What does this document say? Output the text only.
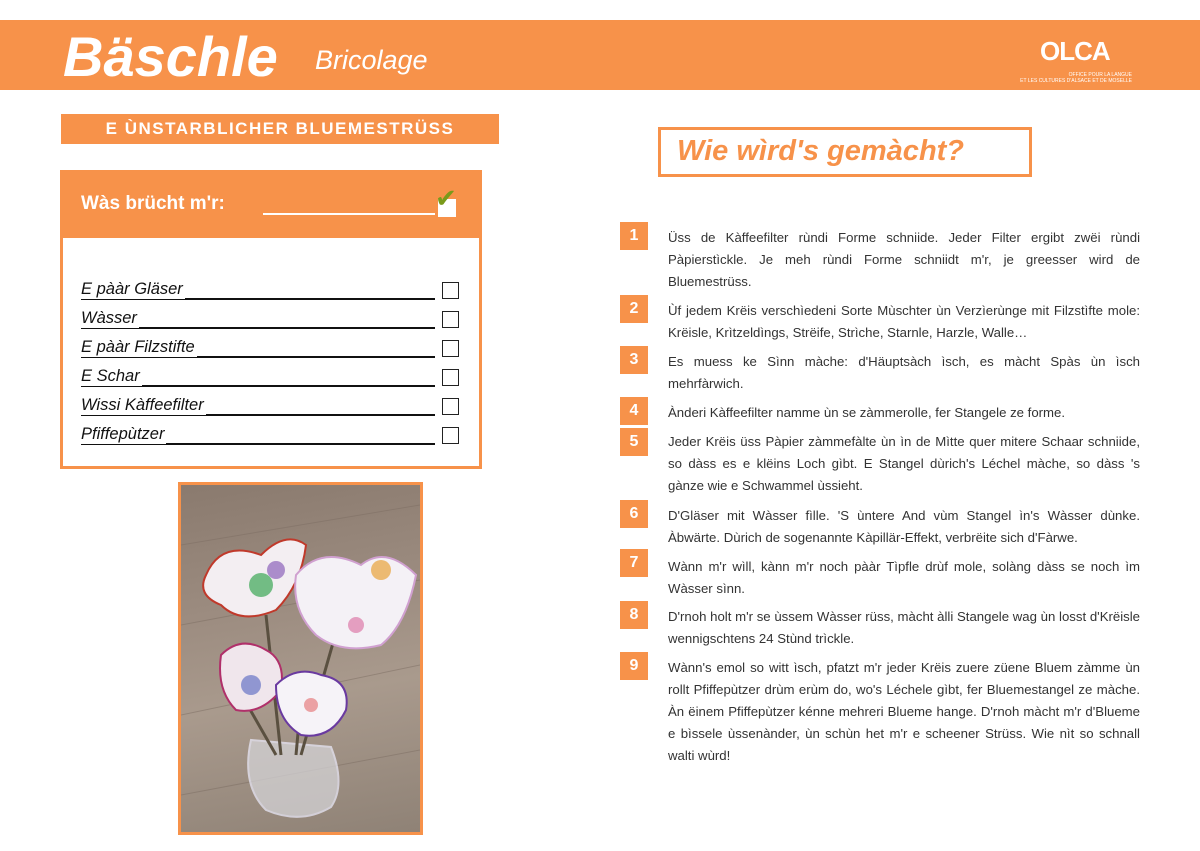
Bäschle Bricolage	OLCA
OFFICE POUR LA LANGUE
ET LES CULTURES D'ALSACE ET DE MOSELLE
E ÙNSTARBLICHER BLUEMESTRÜSS
Wàs brücht m'r:	✔
E pààr Gläser
Wàsser
E pààr Filzstifte
E Schar
Wissi Kàffeefilter
Pfiffepùtzer
Wie wìrd's gemàcht?
1	Üss de Kàffeefilter rùndi Forme schniide. Jeder Filter ergibt zwëi rùndi Pàpierstìckle. Je meh rùndi Forme schniidt m'r, je greesser wird de Bluemestrüss.

2	Ùf jedem Krëis verschìedeni Sorte Mùschter ùn Verzìerùnge mit Filzstìfte mole: Krëisle, Krìtzeldìngs, Strëife, Strìche, Starnle, Harzle, Walle…

3	Es muess ke Sìnn màche: d'Häuptsàch ìsch, es màcht Spàs ùn ìsch mehrfàrwich.

4	Ànderi Kàffeefilter namme ùn se zàmmerolle, fer Stangele ze forme.

5	Jeder Krëis üss Pàpier zàmmefàlte ùn ìn de Mìtte quer mitere Schaar schniide, so dàss es e klëins Loch gìbt. E Stangel dùrich's Léchel màche, so dàss 's gànze wie e Schwammel ùssieht.

6	D'Gläser mit Wàsser fìlle. 'S ùntere And vùm Stangel ìn's Wàsser dùnke. Àbwärte. Dùrich de sogenannte Kàpillär-Effekt, verbrëite sich d'Fàrwe.

7	Wànn m'r wìll, kànn m'r noch pààr Tìpfle drùf mole, solàng dàss se noch ìm Wàsser sìnn.

8	D'rnoh holt m'r se ùssem Wàsser rüss, màcht àlli Stangele wag ùn losst d'Krëisle wennigschtens 24 Stùnd trìckle.

9	Wànn's emol so witt ìsch, pfatzt m'r jeder Krëis zuere züene Bluem zàmme ùn rollt Pfiffepùtzer drùm erùm do, wo's Léchele gìbt, fer Bluemestangel ze màche. Àn ëinem Pfiffepùtzer kénne mehreri Blueme hange. D'rnoh màcht m'r d'Blueme e bìssele ùssenànder, ùn schùn het m'r e scheener Strüss. Wie nìt so schnall walti wùrd!
